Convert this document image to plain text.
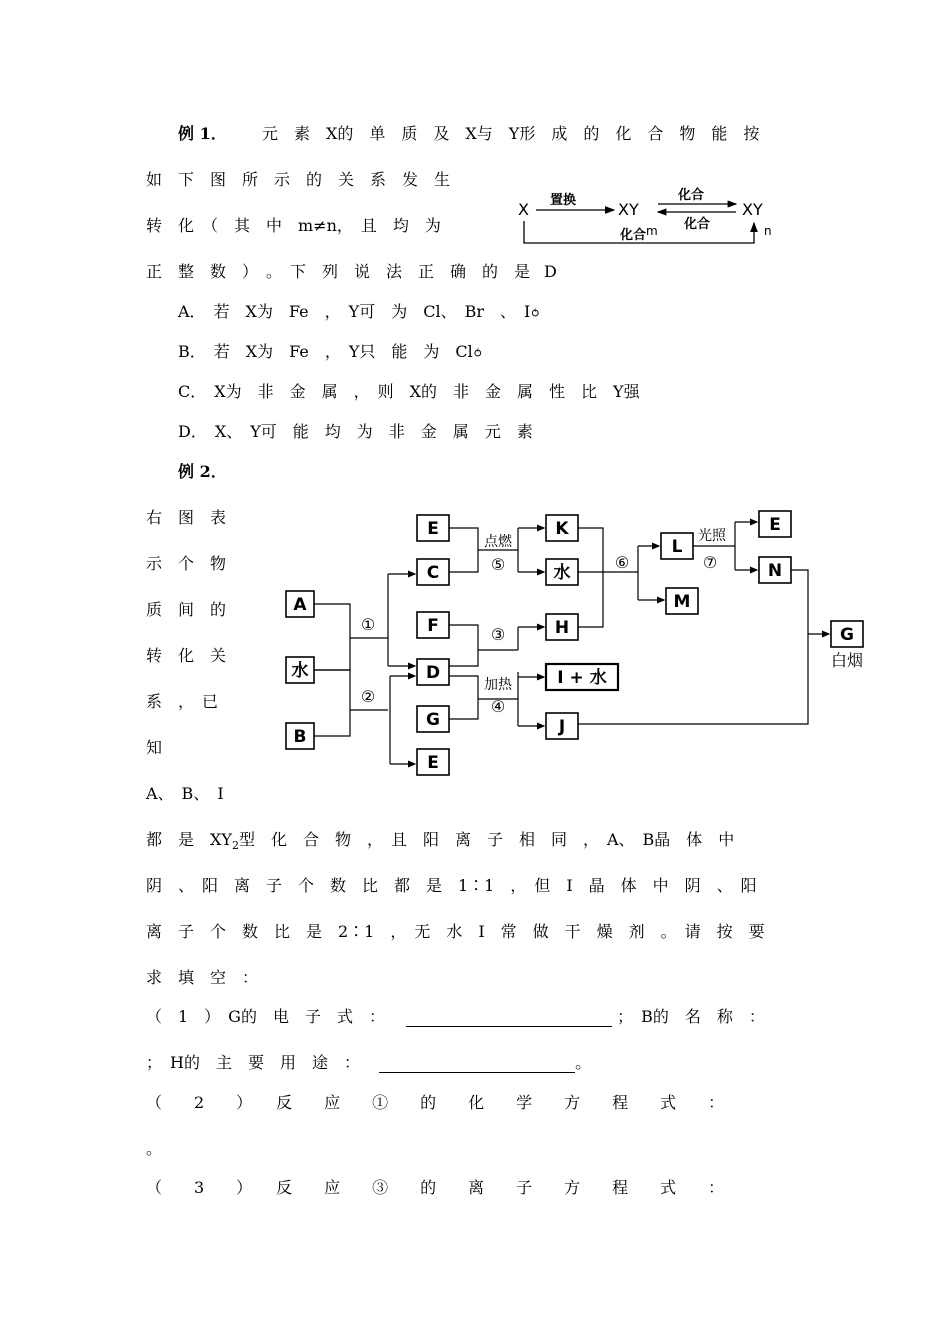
例 1． 元　素　X的　单　质　及　X与　Y形　成　的　化　合　物　能　按
如　下　图　所　示　的　关　系　发　生
转　化　（　其　中　m≠n，　且　均　为
正　整　数　）　。　下　列　说　法　正　确　的　是 D
X 置换	XY
m
化合
化合
XY
n
化合
A．　若　X为　Fe　，　Y可　为　Cl、　Br　、　I⥀
B．　若　X为　Fe　，　Y只　能　为　Cl⥀
C．　X为　非　金　属　，　则　X的　非　金　属　性　比　Y强
D．　X、　Y可　能　均　为　非　金　属　元　素
例 2．
右　图　表
示　个　物
质　间　的
转　化　关
系　，　已
知
A、　B、　I
A
水
B
E
C
F
D
G
E
K
水
H
I + 水
J
L
M
E
N
G
白烟
①
②
⑤
③
④
⑥	⑦
点燃
加热
光照
都　是　$XY_2$型　化　合　物　，　且　阳　离　子　相　同　，　A、　B晶　体　中
阴　、　阳　离　子　个　数　比　都　是　1∶1　，　但　I　晶　体　中　阴　、　阳
离　子　个　数　比　是　2∶1　，　无　水　I　常　做　干　燥　剂　。　请　按　要
求　填　空　：
（　1　）　G的　电　子　式　：	；　B的　名　称　：
；　H的　主　要　用　途　：	。
（　　2　　）　　反　　应　　①　　的　　化　　学　　方　　程　　式　　：
。
（　　3　　）　　反　　应　　③　　的　　离　　子　　方　　程　　式　　：
